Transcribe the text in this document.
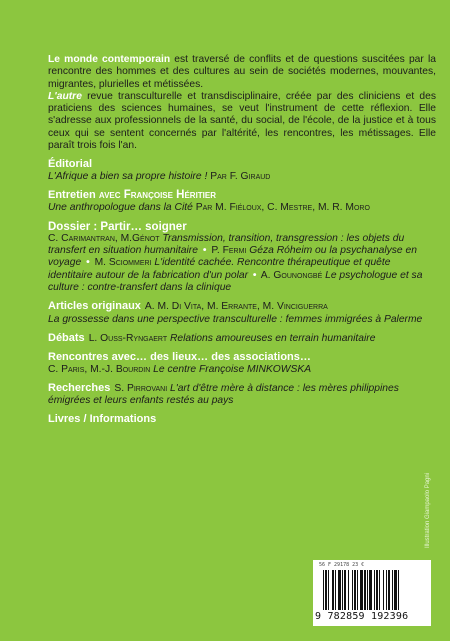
Le monde contemporain est traversé de conflits et de questions suscitées par la rencontre des hommes et des cultures au sein de sociétés modernes, mouvantes, migrantes, plurielles et métissées.
L'autre revue transculturelle et transdisciplinaire, créée par des cliniciens et des praticiens des sciences humaines, se veut l'instrument de cette réflexion. Elle s'adresse aux professionnels de la santé, du social, de l'école, de la justice et à tous ceux qui se sentent concernés par l'altérité, les rencontres, les métissages. Elle paraît trois fois l'an.

Éditorial
L'Afrique a bien sa propre histoire ! Par F. Giraud
Entretien avec Françoise Héritier
Une anthropologue dans la Cité Par M. Fiéloux, C. Mestre, M. R. Moro
Dossier : Partir… soigner
C. Carimantran, M.Génot Transmission, transition, transgression : les objets du transfert en situation humanitaire • P. Fermi Géza Róheim ou la psychanalyse en voyage • M. Sciommeri L'identité cachée. Rencontre thérapeutique et quête identitaire autour de la fabrication d'un polar • A. Gounongbé Le psychologue et sa culture : contre-transfert dans la clinique
Articles originaux A. M. Di Vita, M. Errante, M. Vinciguerra
La grossesse dans une perspective transculturelle : femmes immigrées à Palerme
Débats L. Ouss-Ryngaert Relations amoureuses en terrain humanitaire
Rencontres avec… des lieux… des associations…
C. Paris, M.-J. Bourdin Le centre Françoise MINKOWSKA
Recherches S. Pirrovani L'art d'être mère à distance : les mères philippines émigrées et leurs enfants restés au pays
Livres / Informations
Illustration Giampaolo Pagni
56 F 29178 23 €
9 782859 192396
